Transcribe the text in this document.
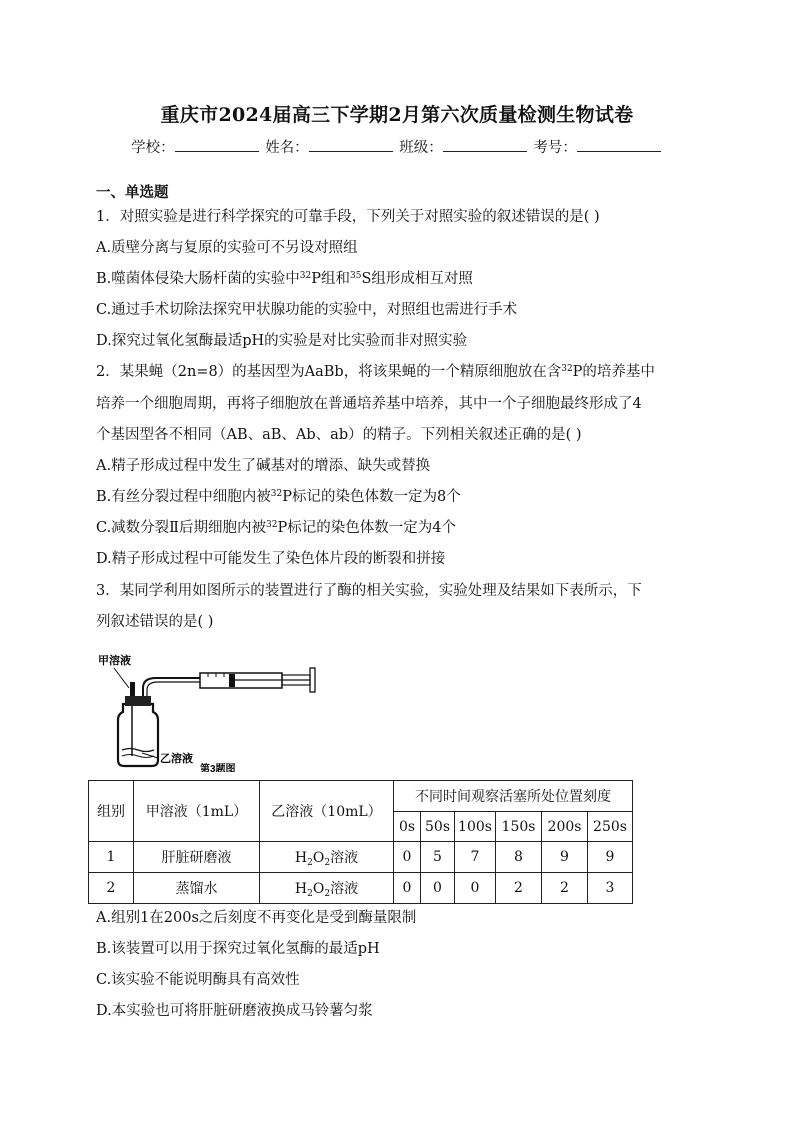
重庆市2024届高三下学期2月第六次质量检测生物试卷
学校：	姓名：	班级：	考号：
一、单选题
1．对照实验是进行科学探究的可靠手段，下列关于对照实验的叙述错误的是( )
A.质壁分离与复原的实验可不另设对照组
B.噬菌体侵染大肠杆菌的实验中$^{32}$P组和$^{35}$S组形成相互对照
C.通过手术切除法探究甲状腺功能的实验中，对照组也需进行手术
D.探究过氧化氢酶最适pH的实验是对比实验而非对照实验
2．某果蝇（2n=8）的基因型为AaBb，将该果蝇的一个精原细胞放在含$^{32}$P的培养基中
培养一个细胞周期，再将子细胞放在普通培养基中培养，其中一个子细胞最终形成了4
个基因型各不相同（AB、aB、Ab、ab）的精子。下列相关叙述正确的是( )
A.精子形成过程中发生了碱基对的增添、缺失或替换
B.有丝分裂过程中细胞内被$^{32}$P标记的染色体数一定为8个
C.减数分裂Ⅱ后期细胞内被$^{32}$P标记的染色体数一定为4个
D.精子形成过程中可能发生了染色体片段的断裂和拼接
3．某同学利用如图所示的装置进行了酶的相关实验，实验处理及结果如下表所示，下
列叙述错误的是( )
甲溶液
乙溶液
第3题图
组别	甲溶液（1mL）	乙溶液（10mL）	不同时间观察活塞所处位置刻度					
			0s	50s	100s	150s	200s	250s
1	肝脏研磨液	$H_2O_2$溶液	0	5	7	8	9	9
2	蒸馏水	$H_2O_2$溶液	0	0	0	2	2	3
A.组别1在200s之后刻度不再变化是受到酶量限制
B.该装置可以用于探究过氧化氢酶的最适pH
C.该实验不能说明酶具有高效性
D.本实验也可将肝脏研磨液换成马铃薯匀浆
